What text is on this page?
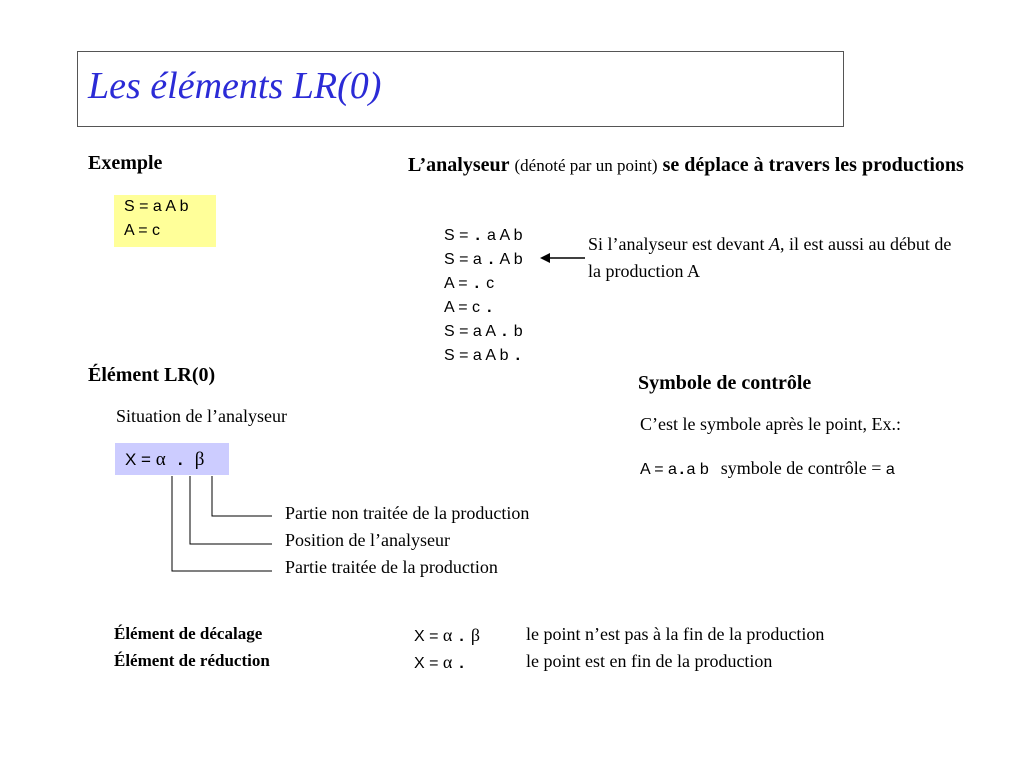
Les éléments LR(0)
Exemple
S = a A b
A = c
L’analyseur (dénoté par un point) se déplace à travers les productions
S = . a A b
S = a . A b
A = . c
A = c .
S = a A . b
S = a A b .
Si l’analyseur est devant A, il est aussi au début de la production A
Élément LR(0)
Situation de l’analyseur
X = α . β
Partie non traitée de la production
Position de l’analyseur
Partie traitée de la production
Symbole de contrôle
C’est le symbole après le point, Ex.:
A = a.a b symbole de contrôle = a
Élément de décalage	X = α . β	le point n’est pas à la fin de la production
Élément de réduction	X = α .	le point est en fin de la production
